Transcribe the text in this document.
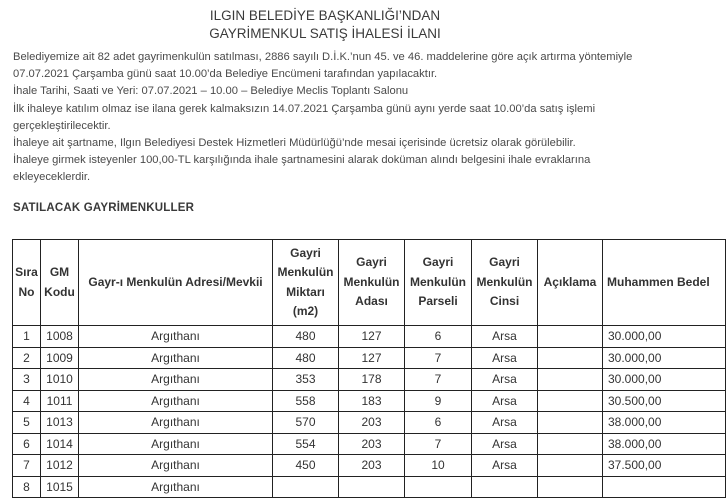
ILGIN BELEDİYE BAŞKANLIĞI’NDAN
GAYRİMENKUL SATIŞ İHALESİ İLANI

Belediyemize ait 82 adet gayrimenkulün satılması, 2886 sayılı D.İ.K.’nun 45. ve 46. maddelerine göre açık artırma yöntemiyle 07.07.2021 Çarşamba günü saat 10.00’da Belediye Encümeni tarafından yapılacaktır.

İhale Tarihi, Saati ve Yeri: 07.07.2021 – 10.00 – Belediye Meclis Toplantı Salonu

İlk ihaleye katılım olmaz ise ilana gerek kalmaksızın 14.07.2021 Çarşamba günü aynı yerde saat 10.00’da satış işlemi gerçekleştirilecektir.

İhaleye ait şartname, Ilgın Belediyesi Destek Hizmetleri Müdürlüğü’nde mesai içerisinde ücretsiz olarak görülebilir.

İhaleye girmek isteyenler 100,00-TL karşılığında ihale şartnamesini alarak doküman alındı belgesini ihale evraklarına ekleyeceklerdir.

SATILACAK GAYRİMENKULLER
Sıra No	GM Kodu	Gayr-ı Menkulün Adresi/Mevkii	Gayri Menkulün Miktarı (m2)	Gayri Menkulün Adası	Gayri Menkulün Parseli	Gayri Menkulün Cinsi	Açıklama	Muhammen Bedel
1	1008	Argıthanı	480	127	6	Arsa		30.000,00
2	1009	Argıthanı	480	127	7	Arsa		30.000,00
3	1010	Argıthanı	353	178	7	Arsa		30.000,00
4	1011	Argıthanı	558	183	9	Arsa		30.500,00
5	1013	Argıthanı	570	203	6	Arsa		38.000,00
6	1014	Argıthanı	554	203	7	Arsa		38.000,00
7	1012	Argıthanı	450	203	10	Arsa		37.500,00
8	1015	Argıthanı						
